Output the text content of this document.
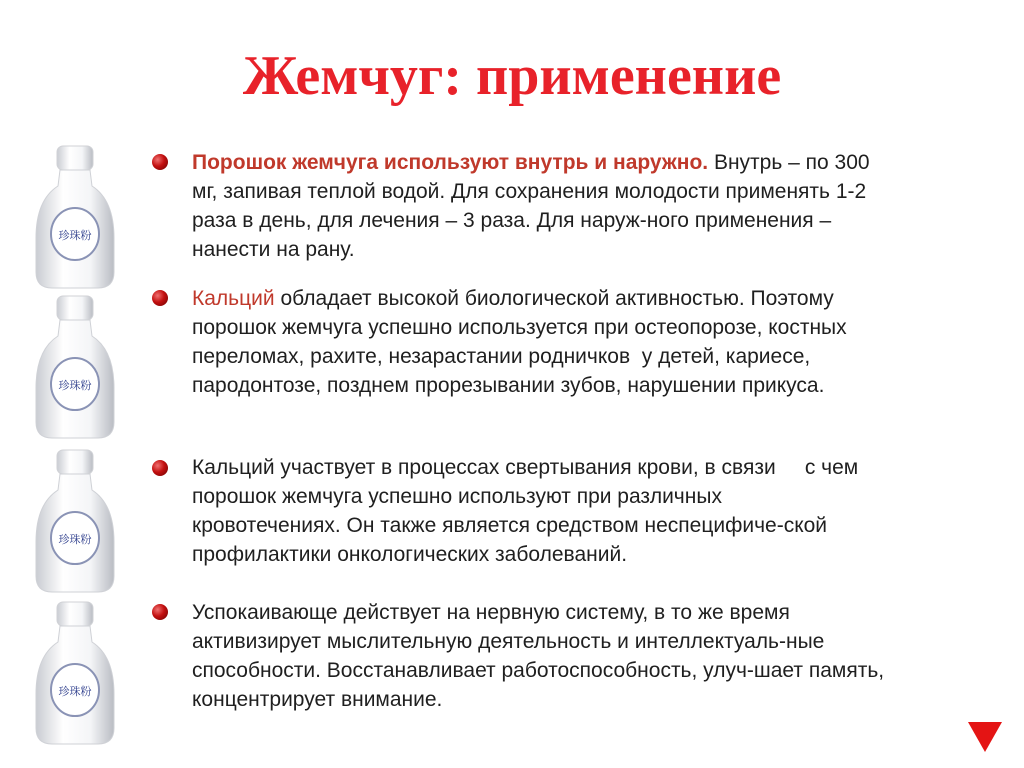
Жемчуг: применение
珍珠粉
珍珠粉
珍珠粉
珍珠粉
Порошок жемчуга используют внутрь и наружно. Внутрь – по 300
мг, запивая теплой водой. Для сохранения молодости применять 1-2
раза в день, для лечения – 3 раза. Для наруж-ного применения –
нанести на рану.
Кальций обладает высокой биологической активностью. Поэтому
порошок жемчуга успешно используется при остеопорозе, костных
переломах, рахите, незарастании родничков  у детей, кариесе,
пародонтозе, позднем прорезывании зубов, нарушении прикуса.
Кальций участвует в процессах свертывания крови, в связи     с чем
порошок жемчуга успешно используют при различных
кровотечениях. Он также является средством неспецифиче-ской
профилактики онкологических заболеваний.
Успокаивающе действует на нервную систему, в то же время
активизирует мыслительную деятельность и интеллектуаль-ные
способности. Восстанавливает работоспособность, улуч-шает память,
концентрирует внимание.
